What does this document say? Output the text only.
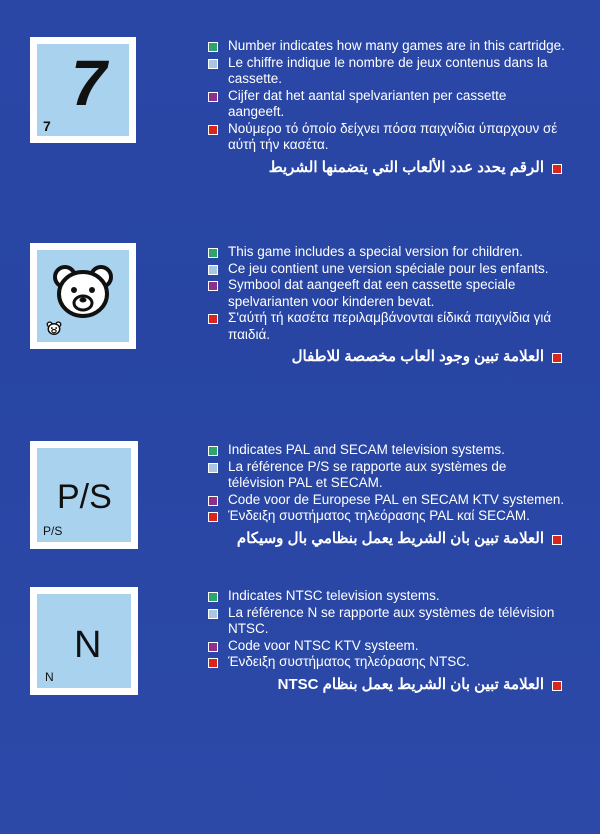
7
7

Number indicates how many games are in this cartridge.

Le chiffre indique le nombre de jeux contenus dans la cassette.

Cijfer dat het aantal spelvarianten per cassette aangeeft.

Νούμερο τό όποίο δείχνει πόσα παιχνίδια ύπαρχουν σέ αύτή τήν κασέτα.

الرقم يحدد عدد الألعاب التي يتضمنها الشريط

This game includes a special version for children.

Ce jeu contient une version spéciale pour les enfants.

Symbool dat aangeeft dat een cassette speciale spelvarianten voor kinderen bevat.

Σ'αύτή τή κασέτα περιλαμβάνονται είδικά παιχνίδια γιά παιδιά.

العلامة تبين وجود العاب مخصصة للاطفال

P/S
P/S

Indicates PAL and SECAM television systems.

La référence P/S se rapporte aux systèmes de télévision PAL et SECAM.

Code voor de Europese PAL en SECAM KTV systemen.

Ένδειξη συστήματος τηλεόρασης PAL καί SECAM.

العلامة تبين بان الشريط يعمل بنظامي بال وسيكام

N
N

Indicates NTSC television systems.

La référence N se rapporte aux systèmes de télévision NTSC.

Code voor NTSC KTV systeem.

Ένδειξη συστήματος τηλεόρασης NTSC.

العلامة تبين بان الشريط يعمل بنظام NTSC
